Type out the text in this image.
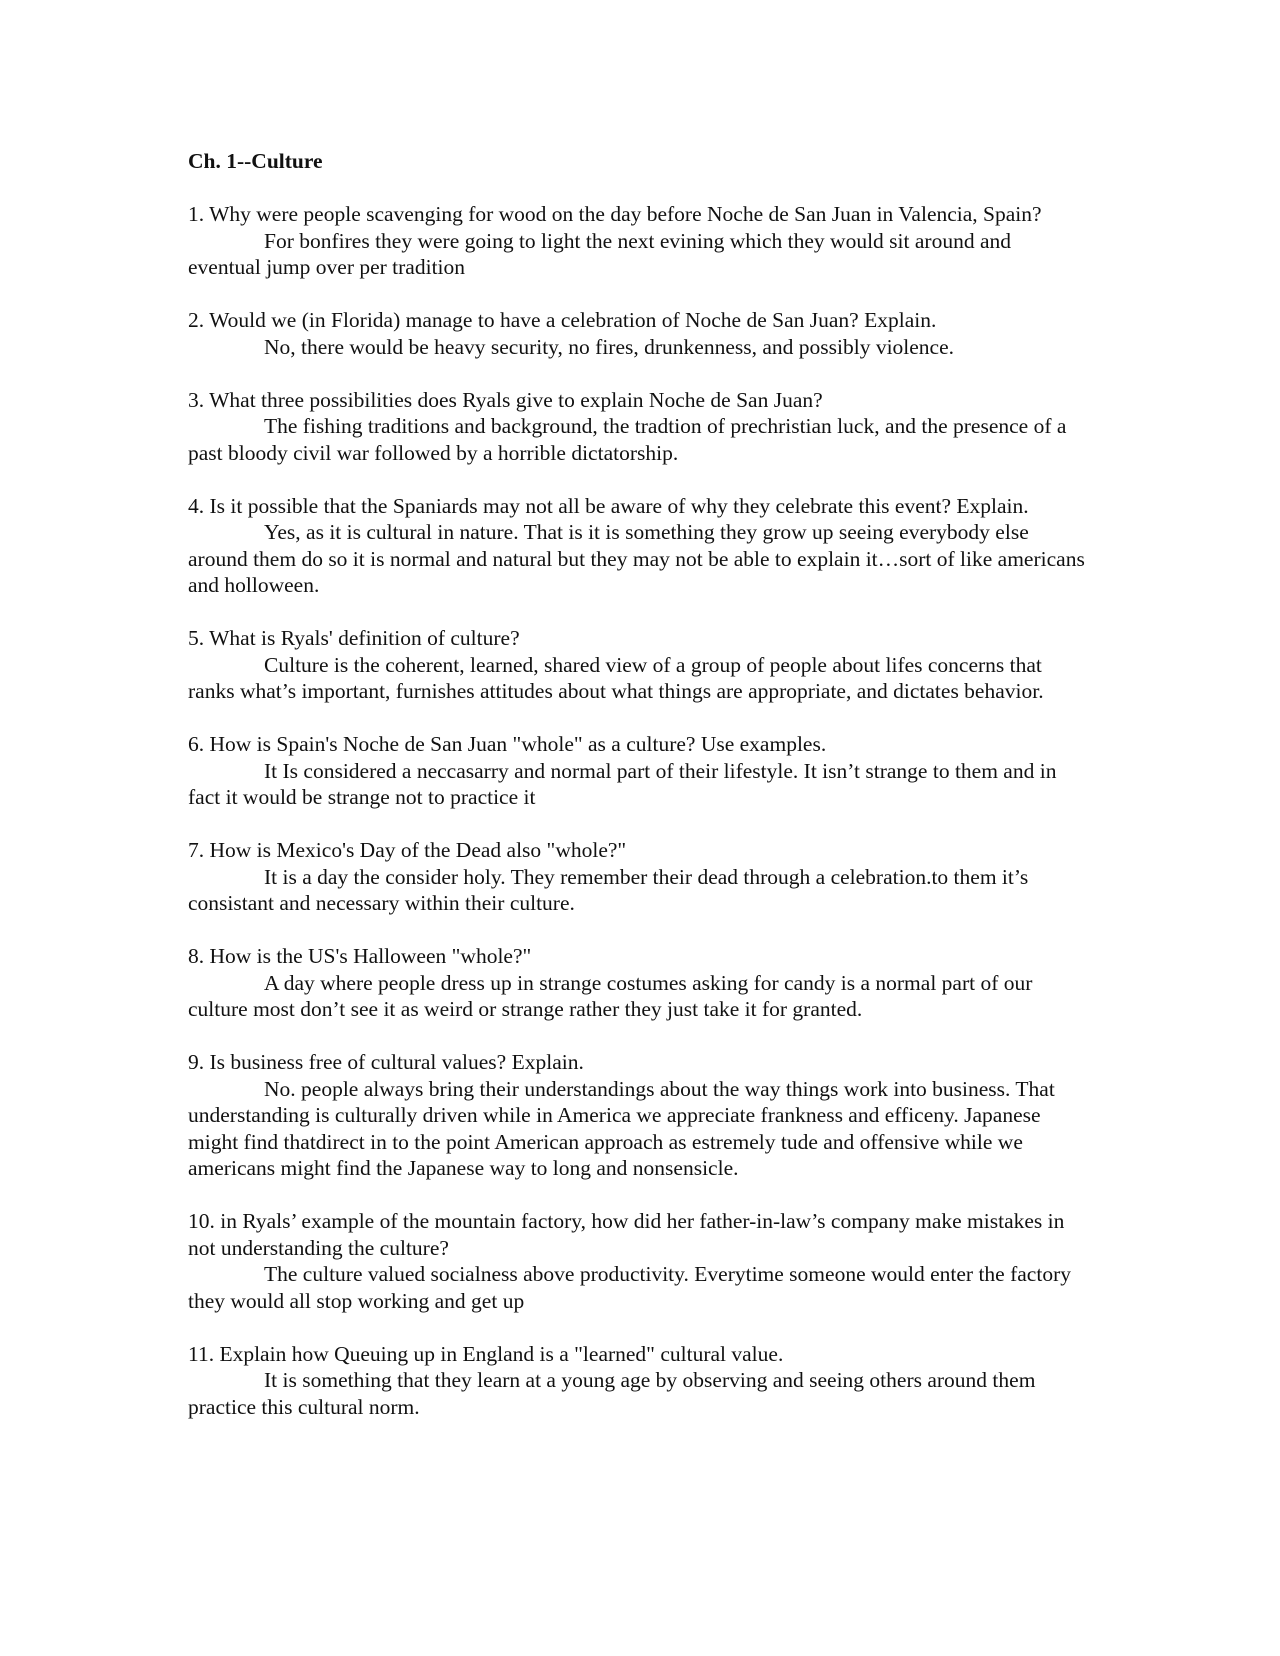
Ch. 1--Culture
1. Why were people scavenging for wood on the day before Noche de San Juan in Valencia, Spain?
For bonfires they were going to light the next evining which they would sit around and eventual jump over per tradition
2. Would we (in Florida) manage to have a celebration of Noche de San Juan? Explain.
No, there would be heavy security, no fires, drunkenness, and possibly violence.
3. What three possibilities does Ryals give to explain Noche de San Juan?
The fishing traditions and background, the tradtion of prechristian luck, and the presence of a past bloody civil war followed by a horrible dictatorship.
4. Is it possible that the Spaniards may not all be aware of why they celebrate this event? Explain.
Yes, as it is cultural in nature. That is it is something they grow up seeing everybody else around them do so it is normal and natural but they may not be able to explain it…sort of like americans and holloween.
5. What is Ryals' definition of culture?
Culture is the coherent, learned, shared view of a group of people about lifes concerns that ranks what’s important, furnishes attitudes about what things are appropriate, and dictates behavior.
6. How is Spain's Noche de San Juan "whole" as a culture? Use examples.
It Is considered a neccasarry and normal part of their lifestyle. It isn’t strange to them and in fact it would be strange not to practice it
7. How is Mexico's Day of the Dead also "whole?"
It is a day the consider holy. They remember their dead through a celebration.to them it’s consistant and necessary within their culture.
8. How is the US's Halloween "whole?"
A day where people dress up in strange costumes asking for candy is a normal part of our culture most don’t see it as weird or strange rather they just take it for granted.
9. Is business free of cultural values? Explain.
No. people always bring their understandings about the way things work into business. That understanding is culturally driven while in America we appreciate frankness and efficeny. Japanese might find thatdirect in to the point American approach as estremely tude and offensive while we americans might find the Japanese way to long and nonsensicle.
10. in Ryals’ example of the mountain factory, how did her father-in-law’s company make mistakes in not understanding the culture?
The culture valued socialness above productivity. Everytime someone would enter the factory they would all stop working and get up
11. Explain how Queuing up in England is a "learned" cultural value.
It is something that they learn at a young age by observing and seeing others around them practice this cultural norm.
